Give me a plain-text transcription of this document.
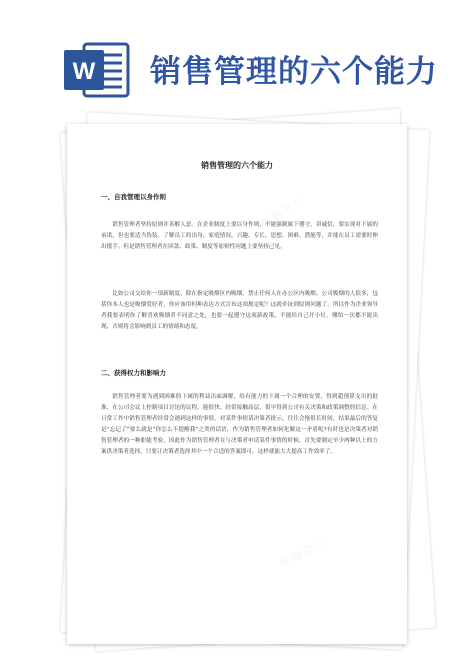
W 销售管理的六个能力
熊猫办公
熊猫办公
熊猫办公
销售管理的六个能力
一、自我管理以身作则

销售管理者坚持原则并善解人意。在企业制度上要以身作则，不能强制属下遵守，讲诚信，要实现对下属的承诺，但也要适当伪装。了解员工的出身、家庭情况、兴趣、专长、思想、困难、潜能等，并能在员工需要时伸出援手。但是销售管理者在回款、政策、制度等原则性问题上要坚持己见。

比如公司交给你一项新制度，除在指定吸烟区内吸烟，禁止任何人在办公区内吸烟。公司吸烟的人很多，包括你本人也是吸烟爱好者，你应该用何种表达方式宣布这项规定呢？这就牵扯到原则问题了，所以作为企业领导者我要表明你了解喜欢吸烟者不同意之处，也要一起遵守这项新政策，不能给自己开小灶，哪怕一次都不能出现，否则将会影响到员工的情绪和态度。

二、获得权力和影响力

销售管理者要为遇到困难的下属的利益出面调解，给有能力的下属一个合理的安置，得到超预算支出的批准，在公司会议上控制项目讨论的议程，能很快、经常接触高层，很早得到公司有关决策和政策调整的信息。在日常工作中销售管理者经常会遇到这样的事情，对某件事情请决策者批示，往往会拖很长时间，结果最后的答复是“忘记了”要么就是“你怎么不提醒我”之类的话语，作为销售管理者如何化解这一矛盾呢?有时也是决策者对销售管理者的一种职能考验，因此作为销售管理者在与决策者申请某件事情的时候，首先要制定至少两种以上的方案供决策者选择，只要让决策者选择其中一个合适的答案即可，这样就能大大提高工作效率了。
